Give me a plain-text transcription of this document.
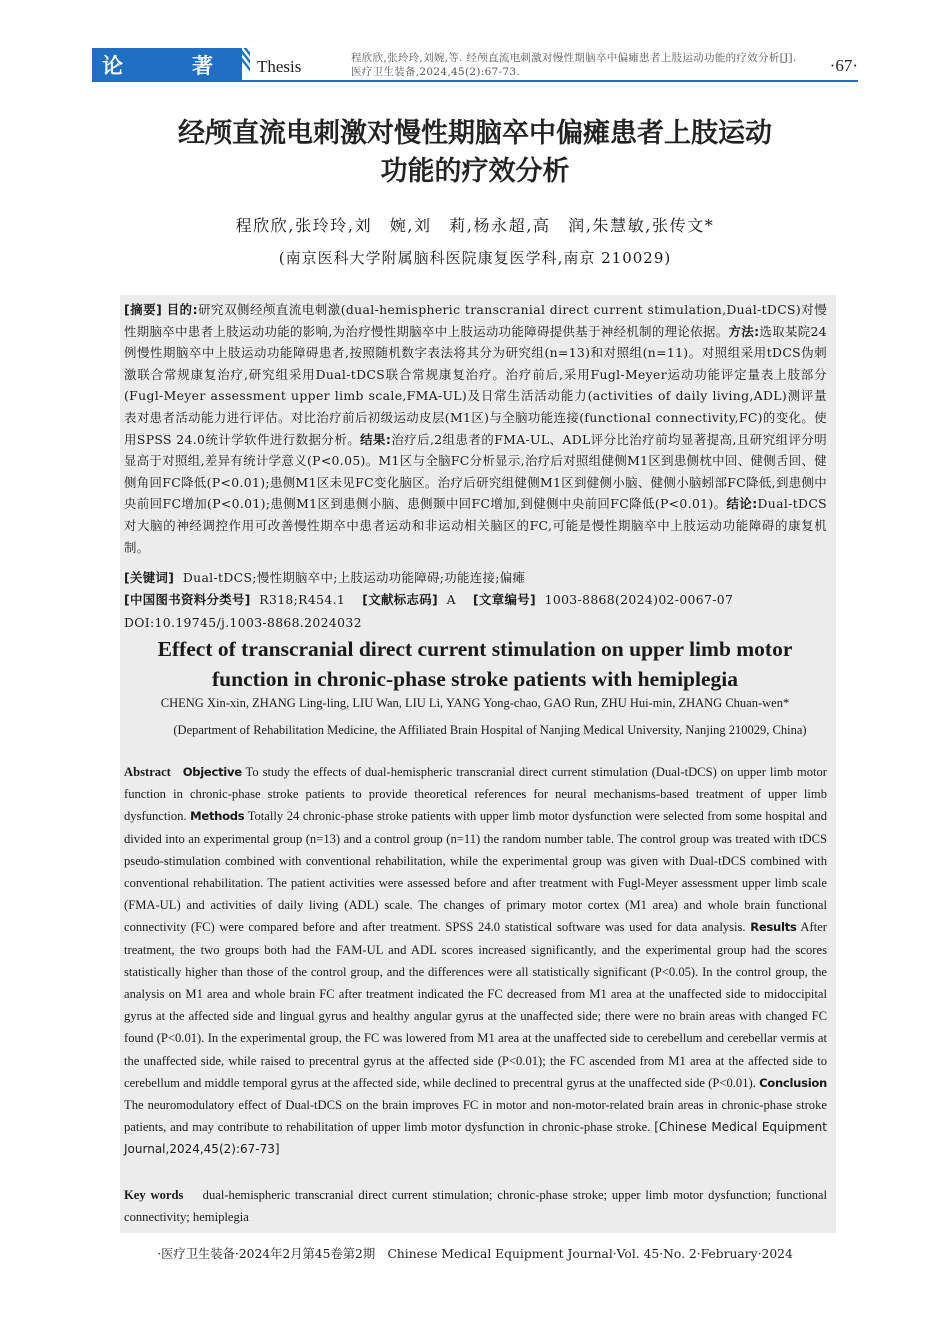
论	著	Thesis	程欣欣,张玲玲,刘婉,等. 经颅直流电刺激对慢性期脑卒中偏瘫患者上肢运动功能的疗效分析[J].
医疗卫生装备,2024,45(2):67-73.	·67·
经颅直流电刺激对慢性期脑卒中偏瘫患者上肢运动
功能的疗效分析
程欣欣,张玲玲,刘　婉,刘　莉,杨永超,高　润,朱慧敏,张传文*
(南京医科大学附属脑科医院康复医学科,南京 210029)
[摘要] 目的:研究双侧经颅直流电刺激(dual-hemispheric transcranial direct current stimulation,Dual-tDCS)对慢性期脑卒中患者上肢运动功能的影响,为治疗慢性期脑卒中上肢运动功能障碍提供基于神经机制的理论依据。方法:选取某院24例慢性期脑卒中上肢运动功能障碍患者,按照随机数字表法将其分为研究组(n=13)和对照组(n=11)。对照组采用tDCS伪刺激联合常规康复治疗,研究组采用Dual-tDCS联合常规康复治疗。治疗前后,采用Fugl-Meyer运动功能评定量表上肢部分(Fugl-Meyer assessment upper limb scale,FMA-UL)及日常生活活动能力(activities of daily living,ADL)测评量表对患者活动能力进行评估。对比治疗前后初级运动皮层(M1区)与全脑功能连接(functional connectivity,FC)的变化。使用SPSS 24.0统计学软件进行数据分析。结果:治疗后,2组患者的FMA-UL、ADL评分比治疗前均显著提高,且研究组评分明显高于对照组,差异有统计学意义(P<0.05)。M1区与全脑FC分析显示,治疗后对照组健侧M1区到患侧枕中回、健侧舌回、健侧角回FC降低(P<0.01);患侧M1区未见FC变化脑区。治疗后研究组健侧M1区到健侧小脑、健侧小脑蚓部FC降低,到患侧中央前回FC增加(P<0.01);患侧M1区到患侧小脑、患侧颞中回FC增加,到健侧中央前回FC降低(P<0.01)。结论:Dual-tDCS对大脑的神经调控作用可改善慢性期卒中患者运动和非运动相关脑区的FC,可能是慢性期脑卒中上肢运动功能障碍的康复机制。
[关键词] Dual-tDCS;慢性期脑卒中;上肢运动功能障碍;功能连接;偏瘫
[中国图书资料分类号] R318;R454.1 [文献标志码] A [文章编号] 1003-8868(2024)02-0067-07
DOI:10.19745/j.1003-8868.2024032
Effect of transcranial direct current stimulation on upper limb motor
function in chronic-phase stroke patients with hemiplegia
CHENG Xin-xin, ZHANG Ling-ling, LIU Wan, LIU Li, YANG Yong-chao, GAO Run, ZHU Hui-min, ZHANG Chuan-wen*
(Department of Rehabilitation Medicine, the Affiliated Brain Hospital of Nanjing Medical University, Nanjing 210029, China)
Abstract Objective To study the effects of dual-hemispheric transcranial direct current stimulation (Dual-tDCS) on upper limb motor function in chronic-phase stroke patients to provide theoretical references for neural mechanisms-based treatment of upper limb dysfunction. Methods Totally 24 chronic-phase stroke patients with upper limb motor dysfunction were selected from some hospital and divided into an experimental group (n=13) and a control group (n=11) the random number table. The control group was treated with tDCS pseudo-stimulation combined with conventional rehabilitation, while the experimental group was given with Dual-tDCS combined with conventional rehabilitation. The patient activities were assessed before and after treatment with Fugl-Meyer assessment upper limb scale (FMA-UL) and activities of daily living (ADL) scale. The changes of primary motor cortex (M1 area) and whole brain functional connectivity (FC) were compared before and after treatment. SPSS 24.0 statistical software was used for data analysis. Results After treatment, the two groups both had the FAM-UL and ADL scores increased significantly, and the experimental group had the scores statistically higher than those of the control group, and the differences were all statistically significant (P<0.05). In the control group, the analysis on M1 area and whole brain FC after treatment indicated the FC decreased from M1 area at the unaffected side to midoccipital gyrus at the affected side and lingual gyrus and healthy angular gyrus at the unaffected side; there were no brain areas with changed FC found (P<0.01). In the experimental group, the FC was lowered from M1 area at the unaffected side to cerebellum and cerebellar vermis at the unaffected side, while raised to precentral gyrus at the affected side (P<0.01); the FC ascended from M1 area at the affected side to cerebellum and middle temporal gyrus at the affected side, while declined to precentral gyrus at the unaffected side (P<0.01). Conclusion The neuromodulatory effect of Dual-tDCS on the brain improves FC in motor and non-motor-related brain areas in chronic-phase stroke patients, and may contribute to rehabilitation of upper limb motor dysfunction in chronic-phase stroke. [Chinese Medical Equipment Journal,2024,45(2):67-73]
Key words dual-hemispheric transcranial direct current stimulation; chronic-phase stroke; upper limb motor dysfunction; functional connectivity; hemiplegia
·医疗卫生装备·2024年2月第45卷第2期　Chinese Medical Equipment Journal·Vol. 45·No. 2·February·2024
